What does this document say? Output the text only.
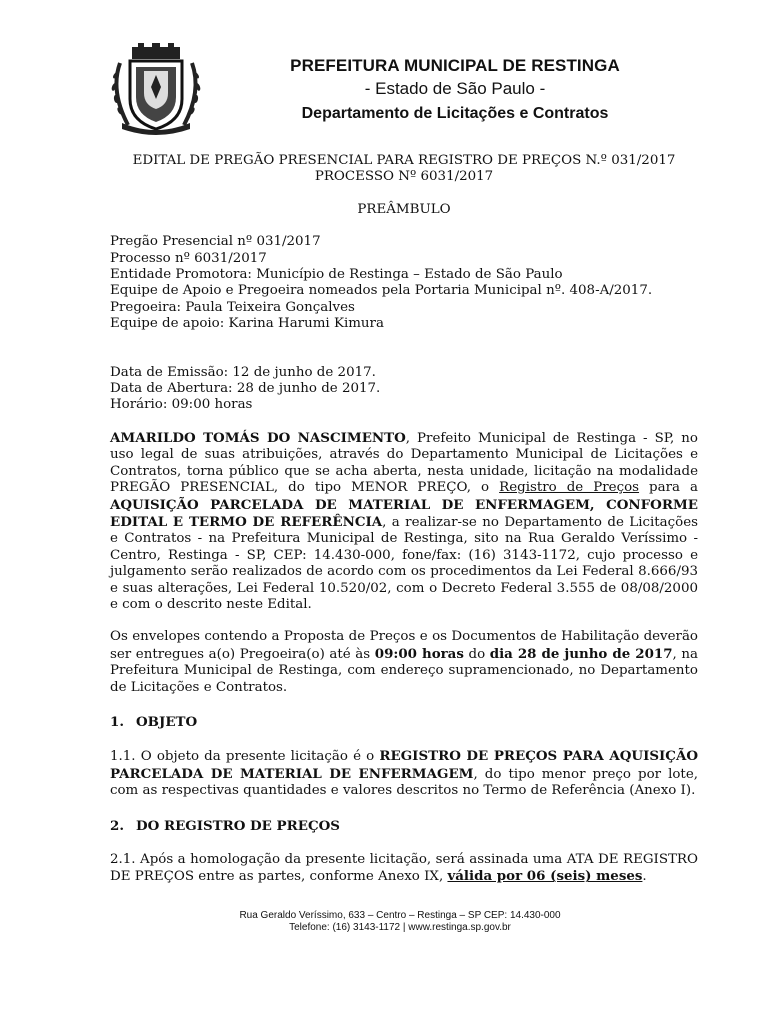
PREFEITURA MUNICIPAL DE RESTINGA
- Estado de São Paulo -
Departamento de Licitações e Contratos
EDITAL DE PREGÃO PRESENCIAL PARA REGISTRO DE PREÇOS N.º 031/2017
PROCESSO Nº 6031/2017
PREÂMBULO
Pregão Presencial nº 031/2017
Processo nº 6031/2017
Entidade Promotora: Município de Restinga – Estado de São Paulo
Equipe de Apoio e Pregoeira nomeados pela Portaria Municipal nº. 408-A/2017.
Pregoeira: Paula Teixeira Gonçalves
Equipe de apoio: Karina Harumi Kimura
Data de Emissão: 12 de junho de 2017.
Data de Abertura: 28 de junho de 2017.
Horário: 09:00 horas

AMARILDO TOMÁS DO NASCIMENTO, Prefeito Municipal de Restinga - SP, no uso legal de suas atribuições, através do Departamento Municipal de Licitações e Contratos, torna público que se acha aberta, nesta unidade, licitação na modalidade PREGÃO PRESENCIAL, do tipo MENOR PREÇO, o Registro de Preços para a AQUISIÇÃO PARCELADA DE MATERIAL DE ENFERMAGEM, CONFORME EDITAL E TERMO DE REFERÊNCIA, a realizar-se no Departamento de Licitações e Contratos - na Prefeitura Municipal de Restinga, sito na Rua Geraldo Veríssimo - Centro, Restinga - SP, CEP: 14.430-000, fone/fax: (16) 3143-1172, cujo processo e julgamento serão realizados de acordo com os procedimentos da Lei Federal 8.666/93 e suas alterações, Lei Federal 10.520/02, com o Decreto Federal 3.555 de 08/08/2000 e com o descrito neste Edital.

Os envelopes contendo a Proposta de Preços e os Documentos de Habilitação deverão ser entregues a(o) Pregoeira(o) até às 09:00 horas do dia 28 de junho de 2017, na Prefeitura Municipal de Restinga, com endereço supramencionado, no Departamento de Licitações e Contratos.

1. OBJETO

1.1. O objeto da presente licitação é o REGISTRO DE PREÇOS PARA AQUISIÇÃO PARCELADA DE MATERIAL DE ENFERMAGEM, do tipo menor preço por lote, com as respectivas quantidades e valores descritos no Termo de Referência (Anexo I).

2. DO REGISTRO DE PREÇOS

2.1. Após a homologação da presente licitação, será assinada uma ATA DE REGISTRO DE PREÇOS entre as partes, conforme Anexo IX, válida por 06 (seis) meses.

Rua Geraldo Veríssimo, 633 – Centro – Restinga – SP CEP: 14.430-000
Telefone: (16) 3143-1172 | www.restinga.sp.gov.br
